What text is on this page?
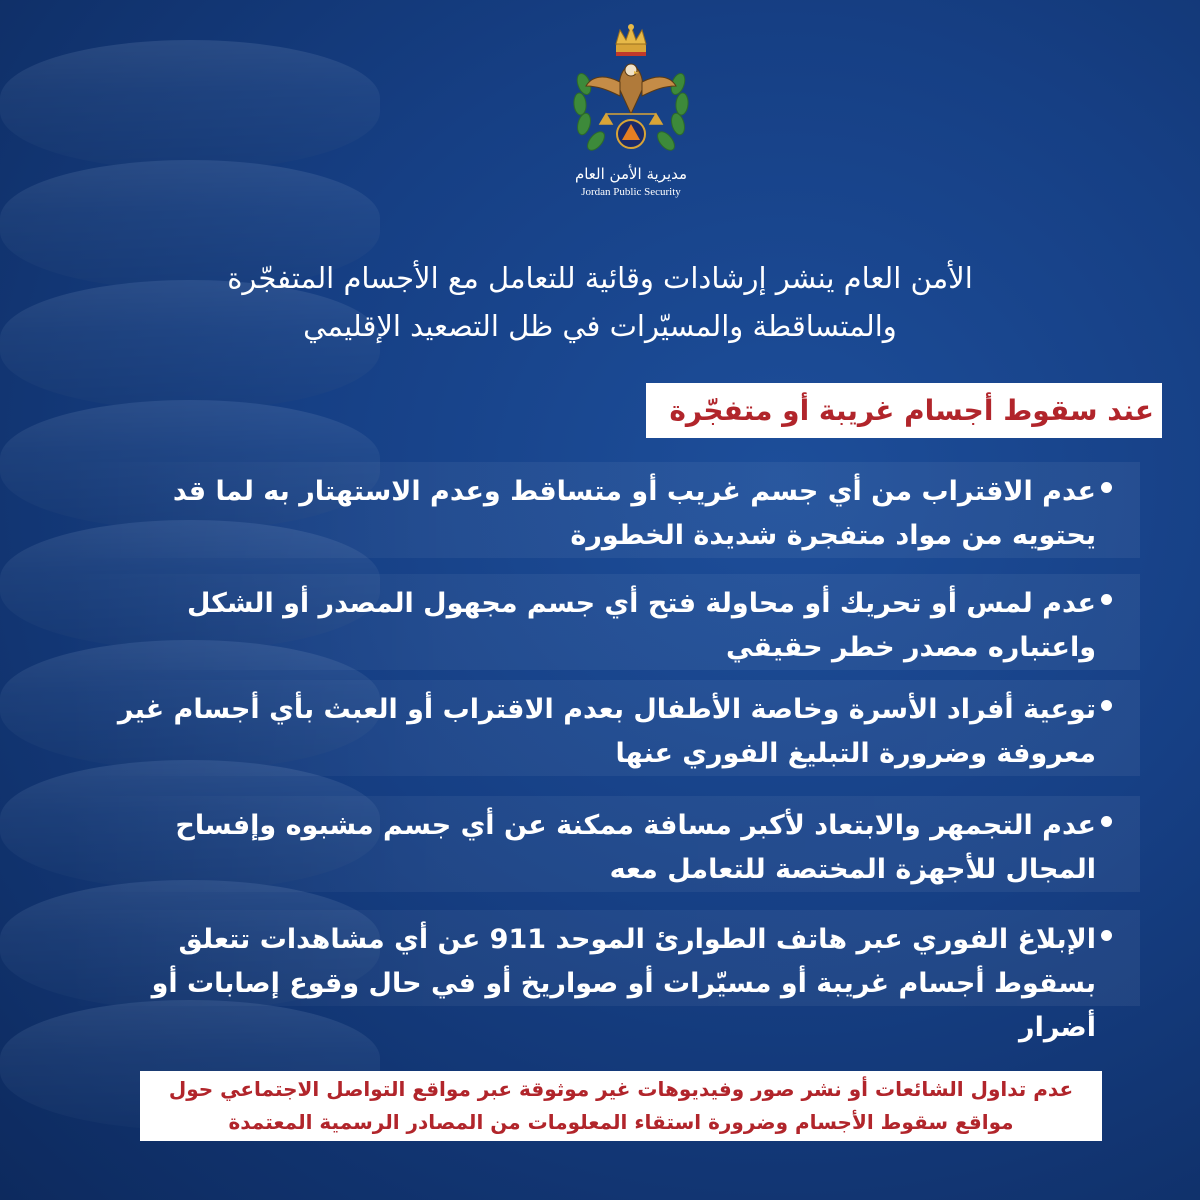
مديرية الأمن العام
Jordan Public Security
الأمن العام ينشر إرشادات وقائية للتعامل مع الأجسام المتفجّرة
والمتساقطة والمسيّرات في ظل التصعيد الإقليمي
عند سقوط أجسام غريبة أو متفجّرة
عدم الاقتراب من أي جسم غريب أو متساقط وعدم الاستهتار به لما قد يحتويه من مواد متفجرة شديدة الخطورة
عدم لمس أو تحريك أو محاولة فتح أي جسم مجهول المصدر أو الشكل واعتباره مصدر خطر حقيقي
توعية أفراد الأسرة وخاصة الأطفال بعدم الاقتراب أو العبث بأي أجسام غير معروفة وضرورة التبليغ الفوري عنها
عدم التجمهر والابتعاد لأكبر مسافة ممكنة عن أي جسم مشبوه وإفساح المجال للأجهزة المختصة للتعامل معه
الإبلاغ الفوري عبر هاتف الطوارئ الموحد 911 عن أي مشاهدات تتعلق بسقوط أجسام غريبة أو مسيّرات أو صواريخ أو في حال وقوع إصابات أو أضرار
عدم تداول الشائعات أو نشر صور وفيديوهات غير موثوقة عبر مواقع التواصل الاجتماعي حول
مواقع سقوط الأجسام وضرورة استقاء المعلومات من المصادر الرسمية المعتمدة
